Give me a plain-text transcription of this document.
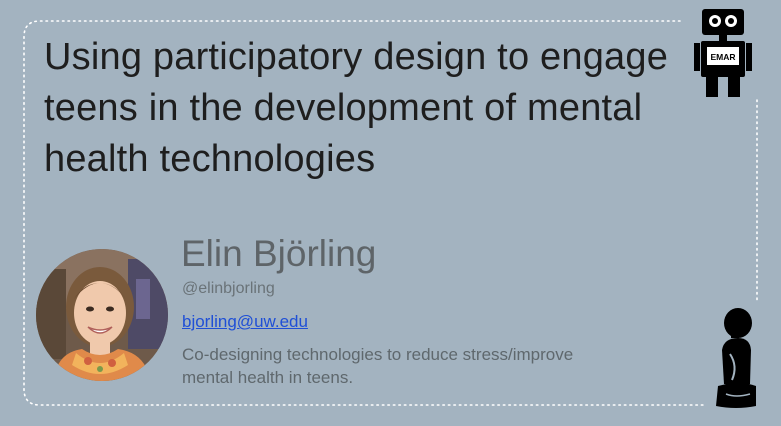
Using participatory design to engage teens in the development of mental health technologies
Elin Björling
@elinbjorling
bjorling@uw.edu
Co-designing technologies to reduce stress/improve mental health in teens.
EMAR
